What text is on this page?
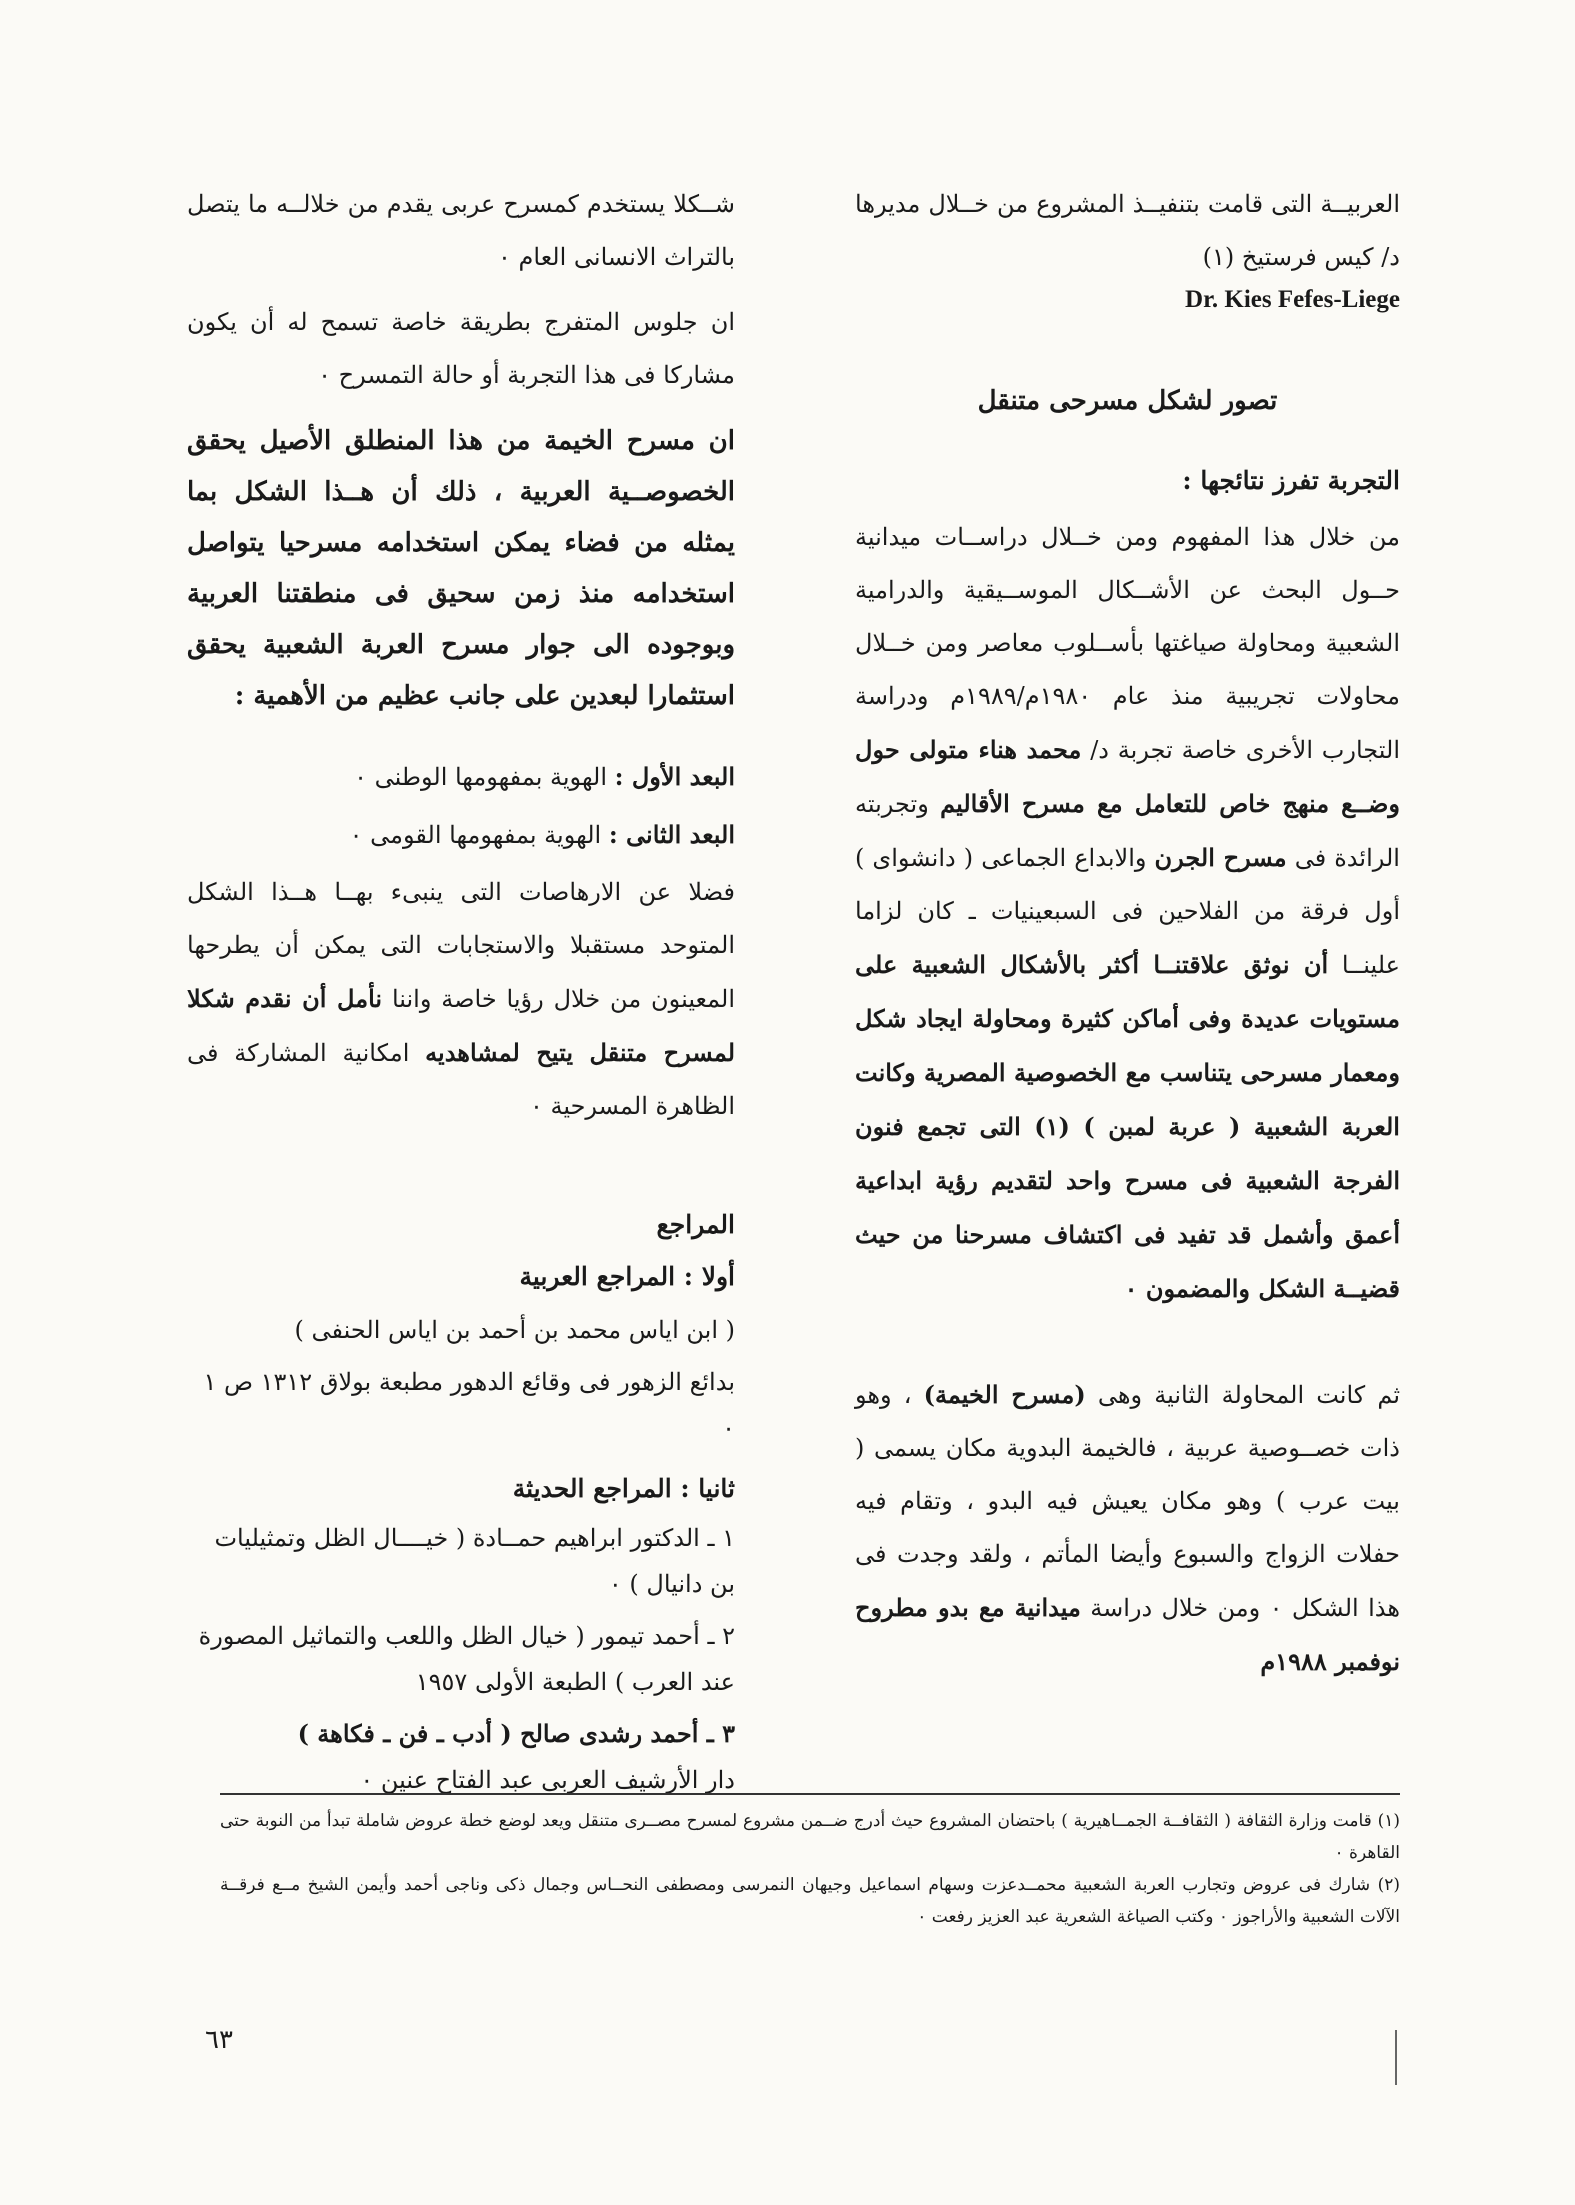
العربيــة التى قامت بتنفيــذ المشروع من خــلال مديرها د/ كيس فرستيخ (١)

Dr. Kies Fefes-Liege
تصور لشكل مسرحى متنقل
التجربة تفرز نتائجها :

من خلال هذا المفهوم ومن خــلال دراســات ميدانية حــول البحث عن الأشــكال الموســيقية والدرامية الشعبية ومحاولة صياغتها بأســلوب معاصر ومن خــلال محاولات تجريبية منذ عام ١٩٨٠م/١٩٨٩م ودراسة التجارب الأخرى خاصة تجربة د/ محمد هناء متولى حول وضــع منهج خاص للتعامل مع مسرح الأقاليم وتجربته الرائدة فى مسرح الجرن والابداع الجماعى ( دانشواى ) أول فرقة من الفلاحين فى السبعينيات ـ كان لزاما علينــا أن نوثق علاقتنــا أكثر بالأشكال الشعبية على مستويات عديدة وفى أماكن كثيرة ومحاولة ايجاد شكل ومعمار مسرحى يتناسب مع الخصوصية المصرية وكانت العربة الشعبية ( عربة لمبن ) (١) التى تجمع فنون الفرجة الشعبية فى مسرح واحد لتقديم رؤية ابداعية أعمق وأشمل قد تفيد فى اكتشاف مسرحنا من حيث قضيــة الشكل والمضمون ٠

ثم كانت المحاولة الثانية وهى (مسرح الخيمة) ، وهو ذات خصــوصية عربية ، فالخيمة البدوية مكان يسمى ( بيت عرب ) وهو مكان يعيش فيه البدو ، وتقام فيه حفلات الزواج والسبوع وأيضا المأتم ، ولقد وجدت فى هذا الشكل ٠ ومن خلال دراسة ميدانية مع بدو مطروح نوفمبر ١٩٨٨م

شــكلا يستخدم كمسرح عربى يقدم من خلالــه ما يتصل بالتراث الانسانى العام ٠

ان جلوس المتفرج بطريقة خاصة تسمح له أن يكون مشاركا فى هذا التجربة أو حالة التمسرح ٠

ان مسرح الخيمة من هذا المنطلق الأصيل يحقق الخصوصــية العربية ، ذلك أن هــذا الشكل بما يمثله من فضاء يمكن استخدامه مسرحيا يتواصل استخدامه منذ زمن سحيق فى منطقتنا العربية وبوجوده الى جوار مسرح العربة الشعبية يحقق استثمارا لبعدين على جانب عظيم من الأهمية :

البعد الأول : الهوية بمفهومها الوطنى ٠

البعد الثانى : الهوية بمفهومها القومى ٠

فضلا عن الارهاصات التى ينبىء بهــا هــذا الشكل المتوحد مستقبلا والاستجابات التى يمكن أن يطرحها المعينون من خلال رؤيا خاصة واننا نأمل أن نقدم شكلا لمسرح متنقل يتيح لمشاهديه امكانية المشاركة فى الظاهرة المسرحية ٠

المراجع
أولا : المراجع العربية

( ابن اياس محمد بن أحمد بن اياس الحنفى )

بدائع الزهور فى وقائع الدهور مطبعة بولاق ١٣١٢ ص ١ ٠

ثانيا : المراجع الحديثة

١ ـ الدكتور ابراهيم حمــادة ( خيــــال الظل وتمثيليات بن دانيال ) ٠

٢ ـ أحمد تيمور ( خيال الظل واللعب والتماثيل المصورة عند العرب ) الطبعة الأولى ١٩٥٧

٣ ـ أحمد رشدى صالح ( أدب ـ فن ـ فكاهة )
دار الأرشيف العربى عبد الفتاح عنين ٠

(١) قامت وزارة الثقافة ( الثقافــة الجمــاهيرية ) باحتضان المشروع حيث أدرج ضــمن مشروع لمسرح مصــرى متنقل ويعد لوضع خطة عروض شاملة تبدأ من النوبة حتى القاهرة ٠

(٢) شارك فى عروض وتجارب العربة الشعبية محمــدعزت وسهام اسماعيل وجيهان النمرسى ومصطفى النحــاس وجمال ذكى وناجى أحمد وأيمن الشيخ مــع فرقــة الآلات الشعبية والأراجوز ٠ وكتب الصياغة الشعرية عبد العزيز رفعت ٠

٦٣
